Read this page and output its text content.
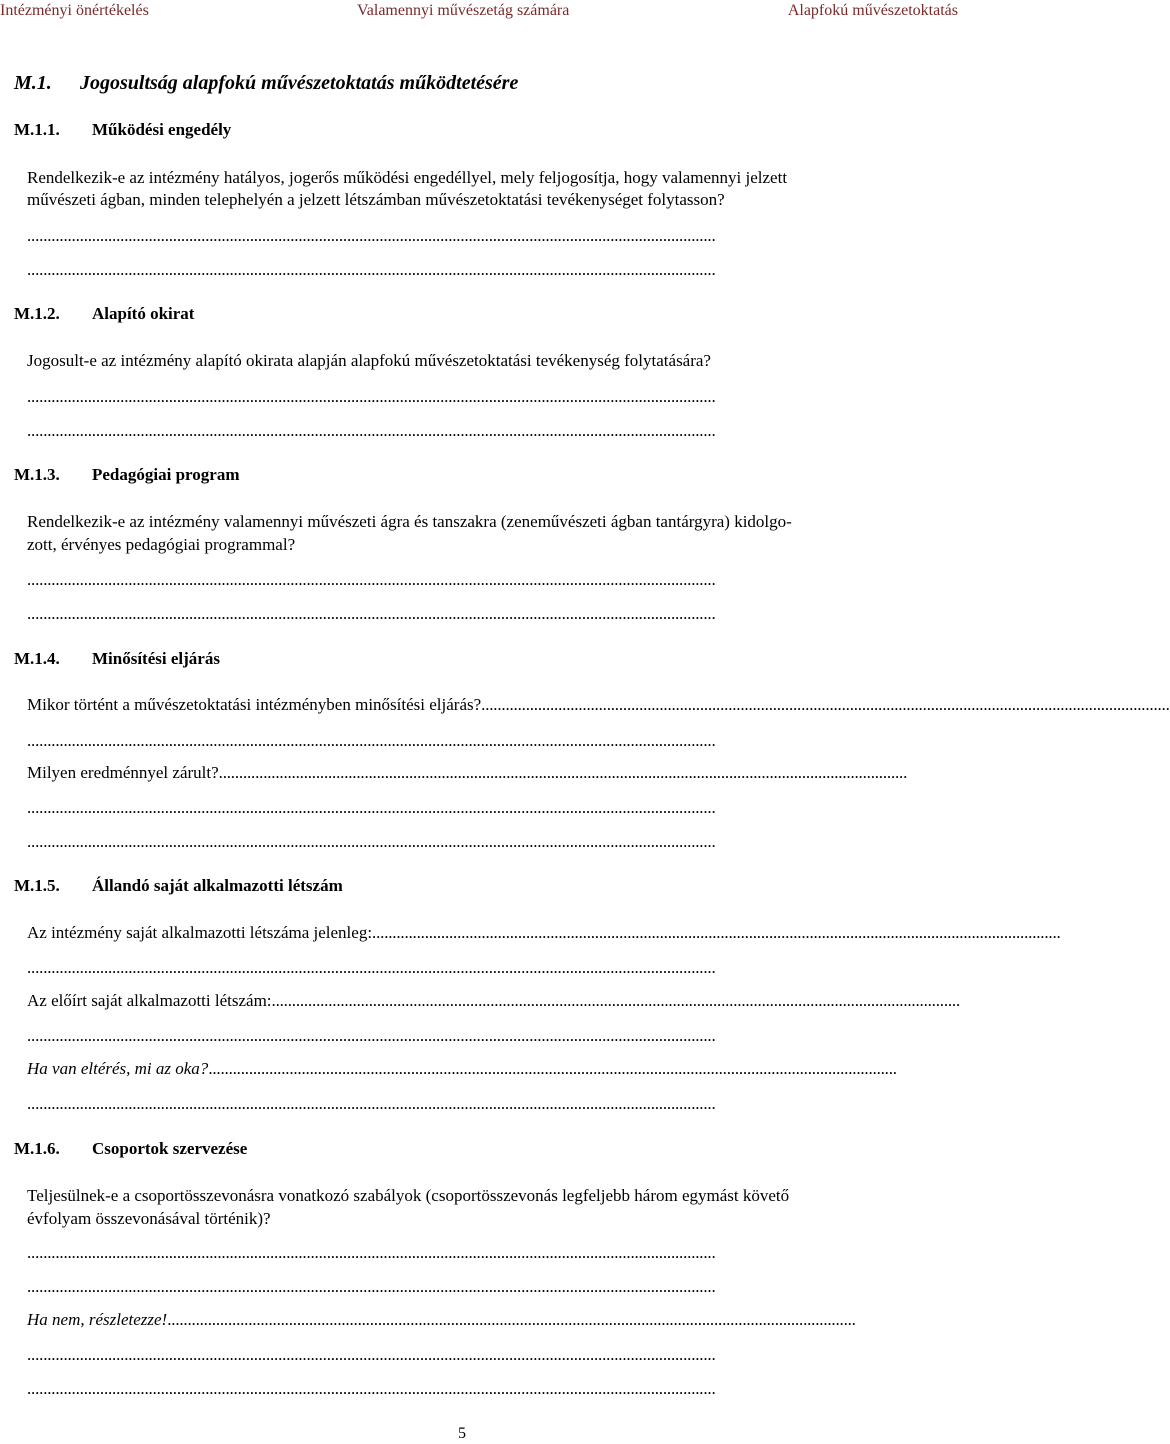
Intézményi önértékelés	Valamennyi művészetág számára	Alapfokú művészetoktatás
M.1. Jogosultság alapfokú művészetoktatás működtetésére
M.1.1. Működési engedély
Rendelkezik-e az intézmény hatályos, jogerős működési engedéllyel, mely feljogosítja, hogy valamennyi jelzett
művészeti ágban, minden telephelyén a jelzett létszámban művészetoktatási tevékenységet folytasson?
..........................................................................................................................................................................
..........................................................................................................................................................................
M.1.2. Alapító okirat
Jogosult-e az intézmény alapító okirata alapján alapfokú művészetoktatási tevékenység folytatására?
..........................................................................................................................................................................
..........................................................................................................................................................................
M.1.3. Pedagógiai program
Rendelkezik-e az intézmény valamennyi művészeti ágra és tanszakra (zeneművészeti ágban tantárgyra) kidolgo-
zott, érvényes pedagógiai programmal?
..........................................................................................................................................................................
..........................................................................................................................................................................
M.1.4. Minősítési eljárás
Mikor történt a művészetoktatási intézményben minősítési eljárás? ..........................................................................................................................................................................
..........................................................................................................................................................................
Milyen eredménnyel zárult? ..........................................................................................................................................................................
..........................................................................................................................................................................
..........................................................................................................................................................................
M.1.5. Állandó saját alkalmazotti létszám
Az intézmény saját alkalmazotti létszáma jelenleg: ..........................................................................................................................................................................
..........................................................................................................................................................................
Az előírt saját alkalmazotti létszám: ..........................................................................................................................................................................
..........................................................................................................................................................................
Ha van eltérés, mi az oka? ..........................................................................................................................................................................
..........................................................................................................................................................................
M.1.6. Csoportok szervezése
Teljesülnek-e a csoportösszevonásra vonatkozó szabályok (csoportösszevonás legfeljebb három egymást követő
évfolyam összevonásával történik)?
..........................................................................................................................................................................
..........................................................................................................................................................................
Ha nem, részletezze! ..........................................................................................................................................................................
..........................................................................................................................................................................
..........................................................................................................................................................................
5
